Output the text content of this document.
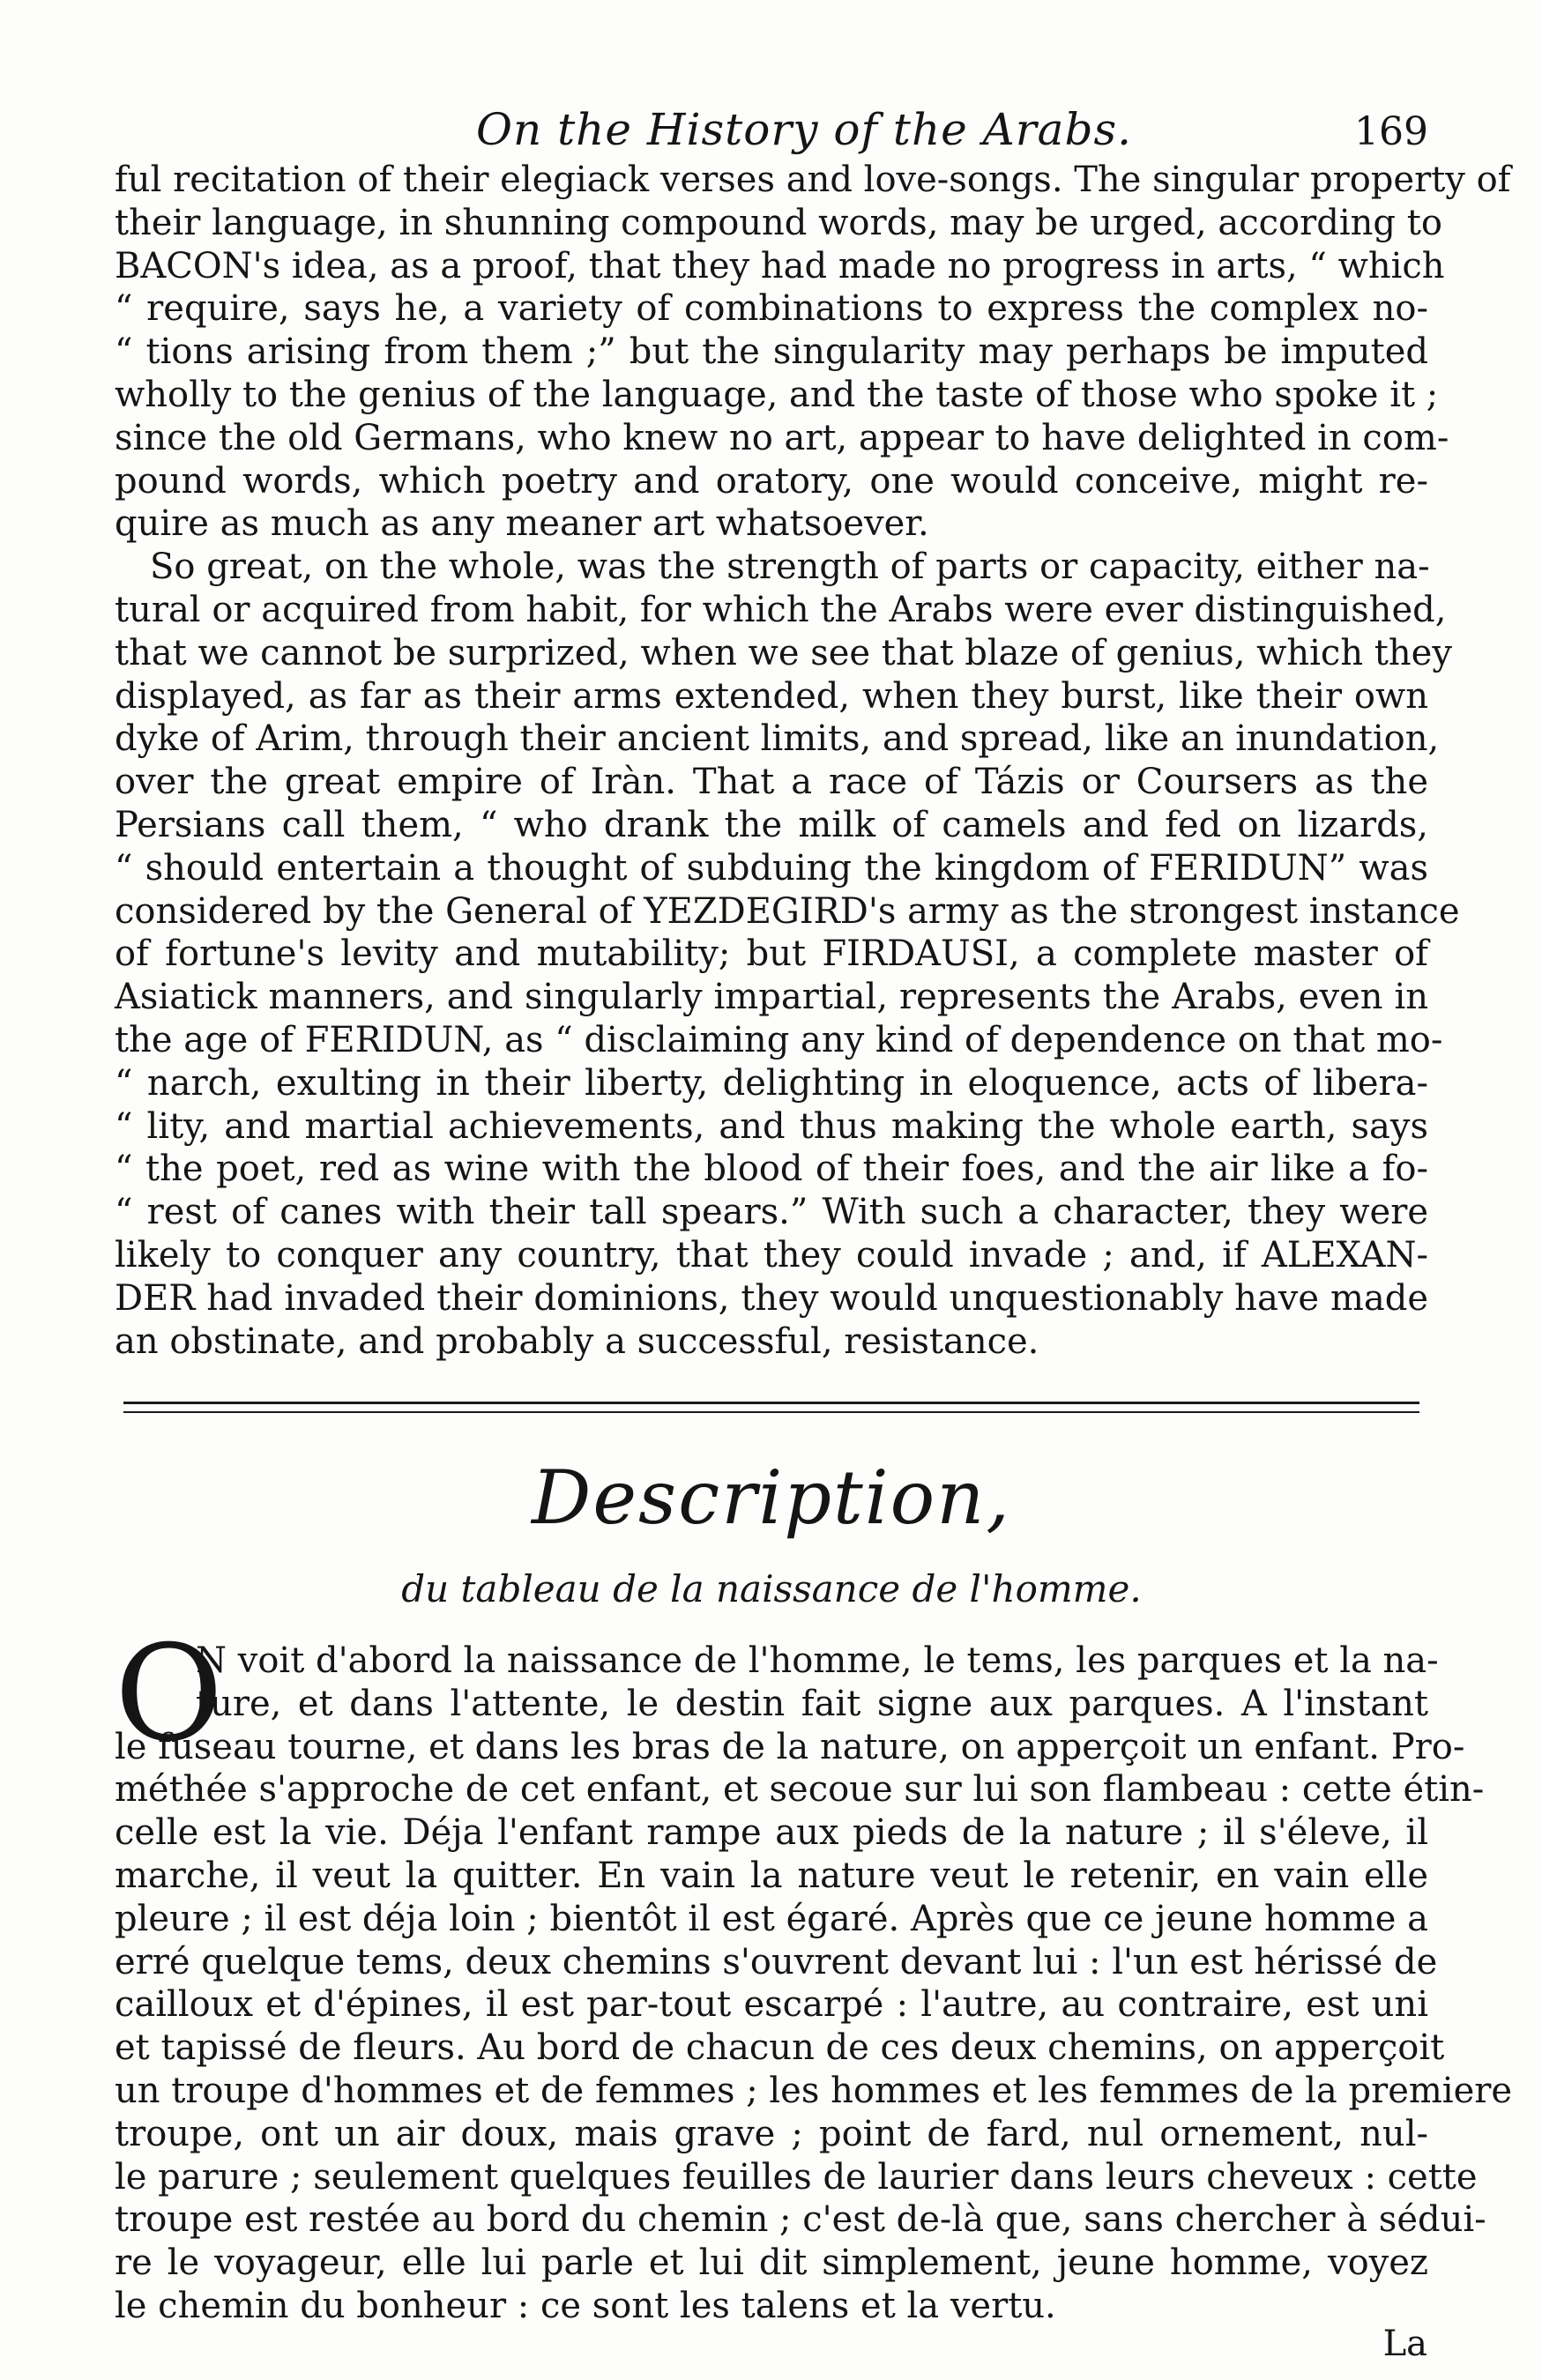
On the History of the Arabs.	169
ful recitation of their elegiack verses and love-songs. The singular property of
their language, in shunning compound words, may be urged, according to
BACON's idea, as a proof, that they had made no progress in arts, “ which
“ require, says he, a variety of combinations to express the complex no-
“ tions arising from them ;” but the singularity may perhaps be imputed
wholly to the genius of the language, and the taste of those who spoke it ;
since the old Germans, who knew no art, appear to have delighted in com-
pound words, which poetry and oratory, one would conceive, might re-
quire as much as any meaner art whatsoever.
So great, on the whole, was the strength of parts or capacity, either na-
tural or acquired from habit, for which the Arabs were ever distinguished,
that we cannot be surprized, when we see that blaze of genius, which they
displayed, as far as their arms extended, when they burst, like their own
dyke of Arim, through their ancient limits, and spread, like an inundation,
over the great empire of Iràn. That a race of Tázis or Coursers as the
Persians call them, “ who drank the milk of camels and fed on lizards,
“ should entertain a thought of subduing the kingdom of FERIDUN” was
considered by the General of YEZDEGIRD's army as the strongest instance
of fortune's levity and mutability; but FIRDAUSI, a complete master of
Asiatick manners, and singularly impartial, represents the Arabs, even in
the age of FERIDUN, as “ disclaiming any kind of dependence on that mo-
“ narch, exulting in their liberty, delighting in eloquence, acts of libera-
“ lity, and martial achievements, and thus making the whole earth, says
“ the poet, red as wine with the blood of their foes, and the air like a fo-
“ rest of canes with their tall spears.” With such a character, they were
likely to conquer any country, that they could invade ; and, if ALEXAN-
DER had invaded their dominions, they would unquestionably have made
an obstinate, and probably a successful, resistance.
Description,
du tableau de la naissance de l'homme.
O
N voit d'abord la naissance de l'homme, le tems, les parques et la na-
ture, et dans l'attente, le destin fait signe aux parques. A l'instant
le fuseau tourne, et dans les bras de la nature, on apperçoit un enfant. Pro-
méthée s'approche de cet enfant, et secoue sur lui son flambeau : cette étin-
celle est la vie. Déja l'enfant rampe aux pieds de la nature ; il s'éleve, il
marche, il veut la quitter. En vain la nature veut le retenir, en vain elle
pleure ; il est déja loin ; bientôt il est égaré. Après que ce jeune homme a
erré quelque tems, deux chemins s'ouvrent devant lui : l'un est hérissé de
cailloux et d'épines, il est par-tout escarpé : l'autre, au contraire, est uni
et tapissé de fleurs. Au bord de chacun de ces deux chemins, on apperçoit
un troupe d'hommes et de femmes ; les hommes et les femmes de la premiere
troupe, ont un air doux, mais grave ; point de fard, nul ornement, nul-
le parure ; seulement quelques feuilles de laurier dans leurs cheveux : cette
troupe est restée au bord du chemin ; c'est de-là que, sans chercher à sédui-
re le voyageur, elle lui parle et lui dit simplement, jeune homme, voyez
le chemin du bonheur : ce sont les talens et la vertu.
La
